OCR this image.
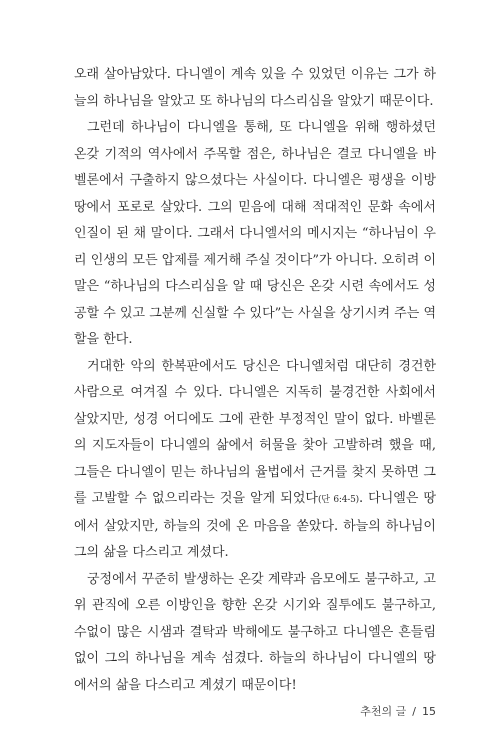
오래 살아남았다. 다니엘이 계속 있을 수 있었던 이유는 그가 하늘의 하나님을 알았고 또 하나님의 다스리심을 알았기 때문이다.

그런데 하나님이 다니엘을 통해, 또 다니엘을 위해 행하셨던 온갖 기적의 역사에서 주목할 점은, 하나님은 결코 다니엘을 바벨론에서 구출하지 않으셨다는 사실이다. 다니엘은 평생을 이방 땅에서 포로로 살았다. 그의 믿음에 대해 적대적인 문화 속에서 인질이 된 채 말이다. 그래서 다니엘서의 메시지는 “하나님이 우리 인생의 모든 압제를 제거해 주실 것이다”가 아니다. 오히려 이 말은 “하나님의 다스리심을 알 때 당신은 온갖 시련 속에서도 성공할 수 있고 그분께 신실할 수 있다”는 사실을 상기시켜 주는 역할을 한다.

거대한 악의 한복판에서도 당신은 다니엘처럼 대단히 경건한 사람으로 여겨질 수 있다. 다니엘은 지독히 불경건한 사회에서 살았지만, 성경 어디에도 그에 관한 부정적인 말이 없다. 바벨론의 지도자들이 다니엘의 삶에서 허물을 찾아 고발하려 했을 때, 그들은 다니엘이 믿는 하나님의 율법에서 근거를 찾지 못하면 그를 고발할 수 없으리라는 것을 알게 되었다(단 6:4-5). 다니엘은 땅에서 살았지만, 하늘의 것에 온 마음을 쏟았다. 하늘의 하나님이 그의 삶을 다스리고 계셨다.

궁정에서 꾸준히 발생하는 온갖 계략과 음모에도 불구하고, 고위 관직에 오른 이방인을 향한 온갖 시기와 질투에도 불구하고, 수없이 많은 시샘과 결탁과 박해에도 불구하고 다니엘은 흔들림 없이 그의 하나님을 계속 섬겼다. 하늘의 하나님이 다니엘의 땅에서의 삶을 다스리고 계셨기 때문이다!

추천의 글 / 15
